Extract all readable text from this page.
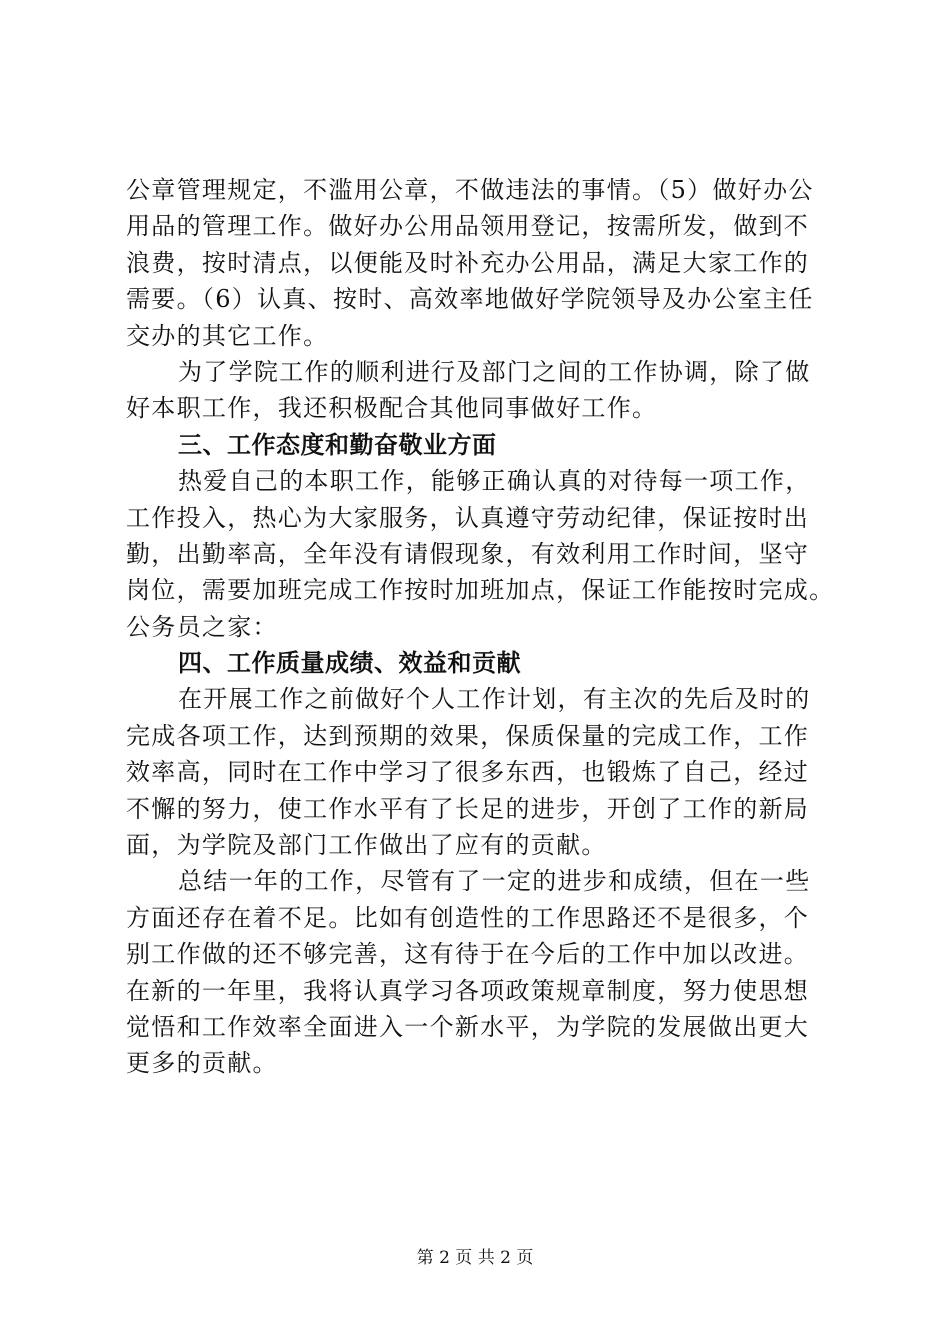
公章管理规定，不滥用公章，不做违法的事情。（5）做好办公
用品的管理工作。做好办公用品领用登记，按需所发，做到不
浪费，按时清点，以便能及时补充办公用品，满足大家工作的
需要。（6）认真、按时、高效率地做好学院领导及办公室主任
交办的其它工作。
为了学院工作的顺利进行及部门之间的工作协调，除了做
好本职工作，我还积极配合其他同事做好工作。
三、工作态度和勤奋敬业方面
热爱自己的本职工作，能够正确认真的对待每一项工作，
工作投入，热心为大家服务，认真遵守劳动纪律，保证按时出
勤，出勤率高，全年没有请假现象，有效利用工作时间，坚守
岗位，需要加班完成工作按时加班加点，保证工作能按时完成。
公务员之家：
四、工作质量成绩、效益和贡献
在开展工作之前做好个人工作计划，有主次的先后及时的
完成各项工作，达到预期的效果，保质保量的完成工作，工作
效率高，同时在工作中学习了很多东西，也锻炼了自己，经过
不懈的努力，使工作水平有了长足的进步，开创了工作的新局
面，为学院及部门工作做出了应有的贡献。
总结一年的工作，尽管有了一定的进步和成绩，但在一些
方面还存在着不足。比如有创造性的工作思路还不是很多，个
别工作做的还不够完善，这有待于在今后的工作中加以改进。
在新的一年里，我将认真学习各项政策规章制度，努力使思想
觉悟和工作效率全面进入一个新水平，为学院的发展做出更大
更多的贡献。
第 2 页 共 2 页
